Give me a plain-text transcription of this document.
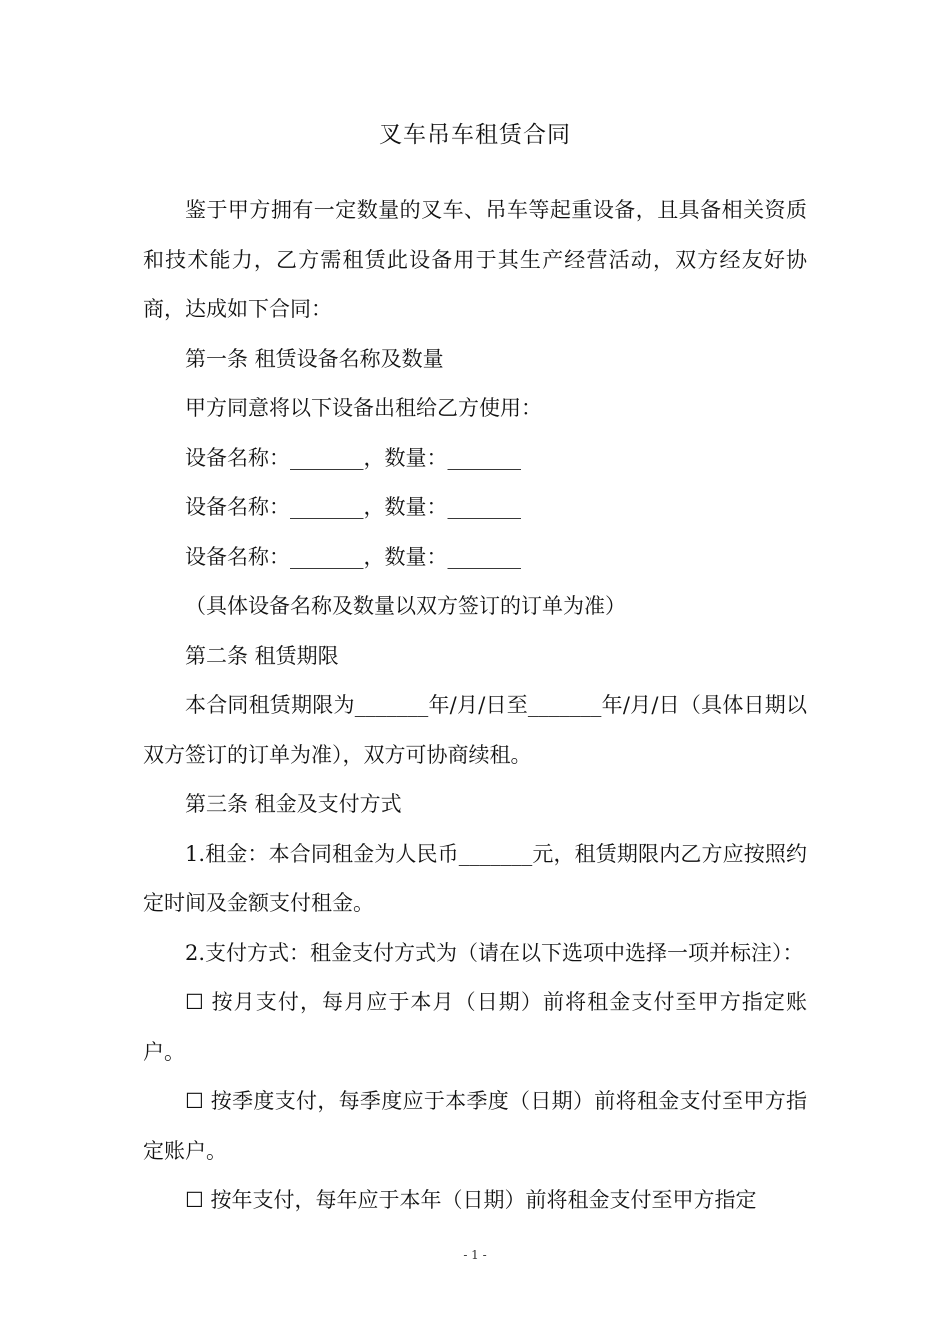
叉车吊车租赁合同

鉴于甲方拥有一定数量的叉车、吊车等起重设备，且具备相关资质和技术能力，乙方需租赁此设备用于其生产经营活动，双方经友好协商，达成如下合同：

第一条 租赁设备名称及数量

甲方同意将以下设备出租给乙方使用：

设备名称：_______，数量：_______

设备名称：_______，数量：_______

设备名称：_______，数量：_______

（具体设备名称及数量以双方签订的订单为准）

第二条 租赁期限

本合同租赁期限为_______年/月/日至_______年/月/日（具体日期以双方签订的订单为准），双方可协商续租。

第三条 租金及支付方式

1.租金：本合同租金为人民币_______元，租赁期限内乙方应按照约定时间及金额支付租金。

2.支付方式：租金支付方式为（请在以下选项中选择一项并标注）：

☐ 按月支付，每月应于本月（日期）前将租金支付至甲方指定账户。

☐ 按季度支付，每季度应于本季度（日期）前将租金支付至甲方指定账户。

☐ 按年支付，每年应于本年（日期）前将租金支付至甲方指定

- 1 -
